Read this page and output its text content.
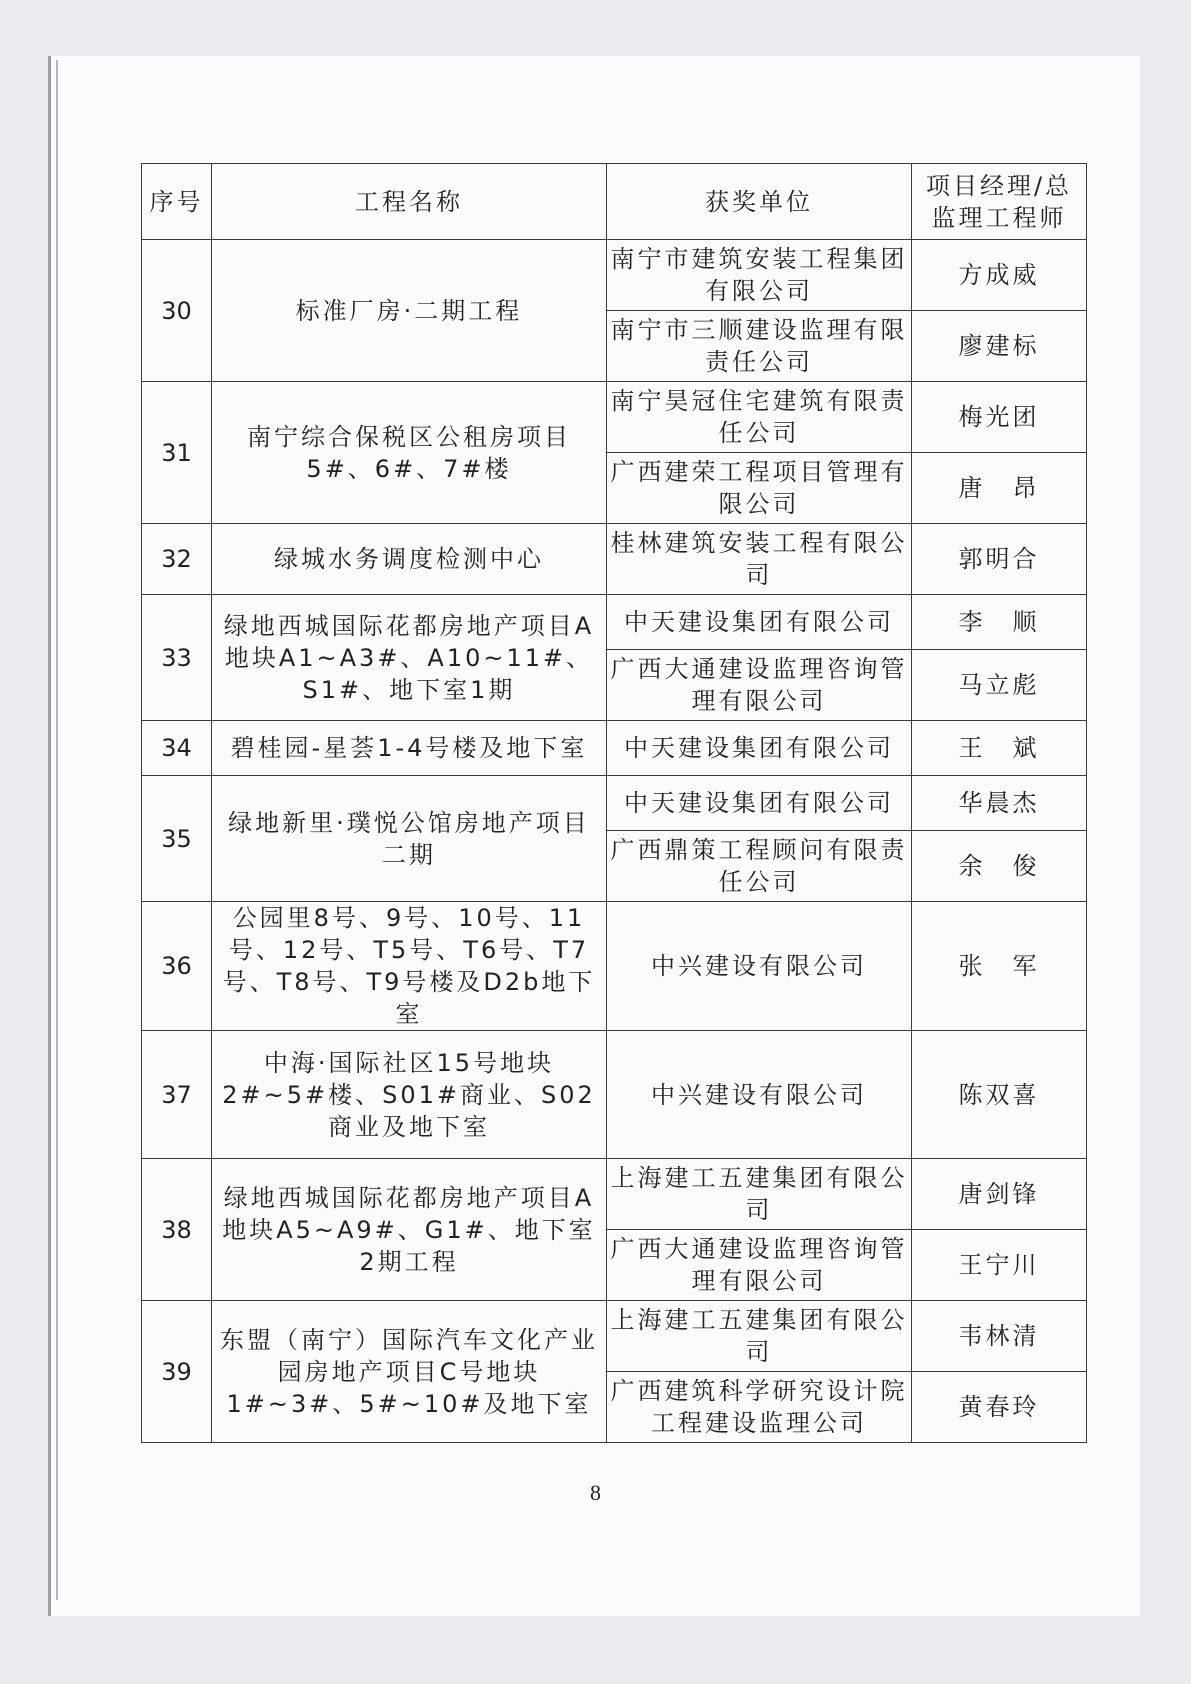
序号	工程名称	获奖单位	项目经理/总监理工程师
30	标准厂房·二期工程	南宁市建筑安装工程集团有限公司	方成威
		南宁市三顺建设监理有限责任公司	廖建标
31	南宁综合保税区公租房项目5#、6#、7#楼	南宁昊冠住宅建筑有限责任公司	梅光团
		广西建荣工程项目管理有限公司	唐　昂
32	绿城水务调度检测中心	桂林建筑安装工程有限公司	郭明合
33	绿地西城国际花都房地产项目A地块A1~A3#、A10~11#、S1#、地下室1期	中天建设集团有限公司	李　顺
		广西大通建设监理咨询管理有限公司	马立彪
34	碧桂园-星荟1-4号楼及地下室	中天建设集团有限公司	王　斌
35	绿地新里·璞悦公馆房地产项目二期	中天建设集团有限公司	华晨杰
		广西鼎策工程顾问有限责任公司	余　俊
36	公园里8号、9号、10号、11号、12号、T5号、T6号、T7号、T8号、T9号楼及D2b地下室	中兴建设有限公司	张　军
37	中海·国际社区15号地块2#~5#楼、S01#商业、S02商业及地下室	中兴建设有限公司	陈双喜
38	绿地西城国际花都房地产项目A地块A5~A9#、G1#、地下室2期工程	上海建工五建集团有限公司	唐剑锋
		广西大通建设监理咨询管理有限公司	王宁川
39	东盟（南宁）国际汽车文化产业园房地产项目C号地块1#~3#、5#~10#及地下室	上海建工五建集团有限公司	韦林清
		广西建筑科学研究设计院工程建设监理公司	黄春玲
8
